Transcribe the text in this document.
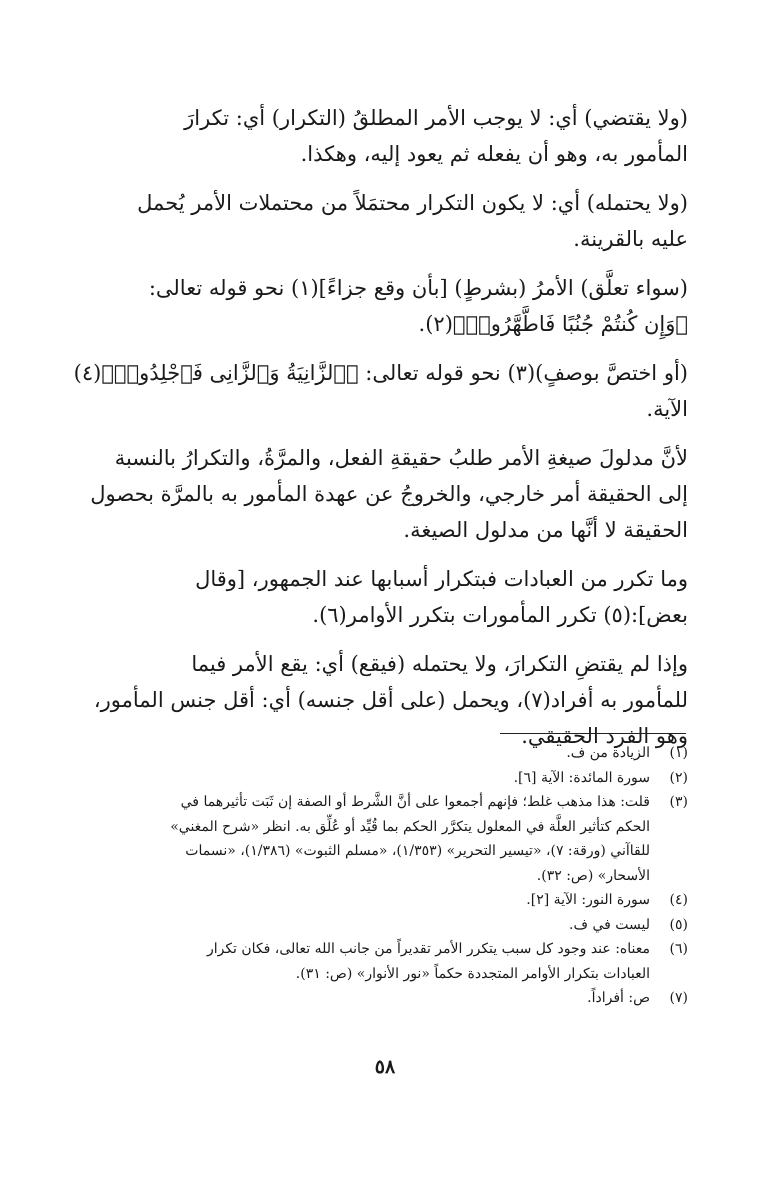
(ولا يقتضي) أي: لا يوجب الأمر المطلقُ (التكرار) أي: تكرارَ

المأمور به، وهو أن يفعله ثم يعود إليه، وهكذا.

(ولا يحتمله) أي: لا يكون التكرار محتمَلاً من محتملات الأمر يُحمل

عليه بالقرينة.

(سواء تعلَّق) الأمرُ (بشرطٍ) [بأن وقع جزاءً](١) نحو قوله تعالى:

﴿وَإِن كُنتُمْ جُنُبًا فَاطَّهَّرُوا۟﴾(٢).

(أو اختصَّ بوصفٍ)(٣) نحو قوله تعالى: ﴿ٱلزَّانِيَةُ وَٱلزَّانِى فَٱجْلِدُوا۟﴾(٤)

الآية.

لأنَّ مدلولَ صيغةِ الأمر طلبُ حقيقةِ الفعل، والمرَّةُ، والتكرارُ بالنسبة

إلى الحقيقة أمر خارجي، والخروجُ عن عهدة المأمور به بالمرَّة بحصول

الحقيقة لا أنَّها من مدلول الصيغة.

وما تكرر من العبادات فبتكرار أسبابها عند الجمهور، [وقال

بعض]:(٥) تكرر المأمورات بتكرر الأوامر(٦).

وإذا لم يقتضِ التكرارَ، ولا يحتمله (فيقع) أي: يقع الأمر فيما

للمأمور به أفراد(٧)، ويحمل (على أقل جنسه) أي: أقل جنس المأمور،

وهو الفرد الحقيقي.

(١)
الزيادة من ف.
(٢)
سورة المائدة: الآية [٦].
(٣)
قلت: هذا مذهب غلط؛ فإنهم أجمعوا على أنَّ الشَّرط أو الصفة إن ثَبَت تأثيرهما في
الحكم كتأثير العلَّة في المعلول يتكرَّر الحكم بما قُيِّد أو عُلِّق به. انظر «شرح المغني»
للقاآني (ورقة: ٧)، «تيسير التحرير» (١/٣٥٣)، «مسلم الثبوت» (١/٣٨٦)، «نسمات
الأسحار» (ص: ٣٢).
(٤)
سورة النور: الآية [٢].
(٥)
ليست في ف.
(٦)
معناه: عند وجود كل سبب يتكرر الأمر تقديراً من جانب الله تعالى، فكان تكرار
العبادات بتكرار الأوامر المتجددة حكماً «نور الأنوار» (ص: ٣١).
(٧)
ص: أفراداً.
٥٨
